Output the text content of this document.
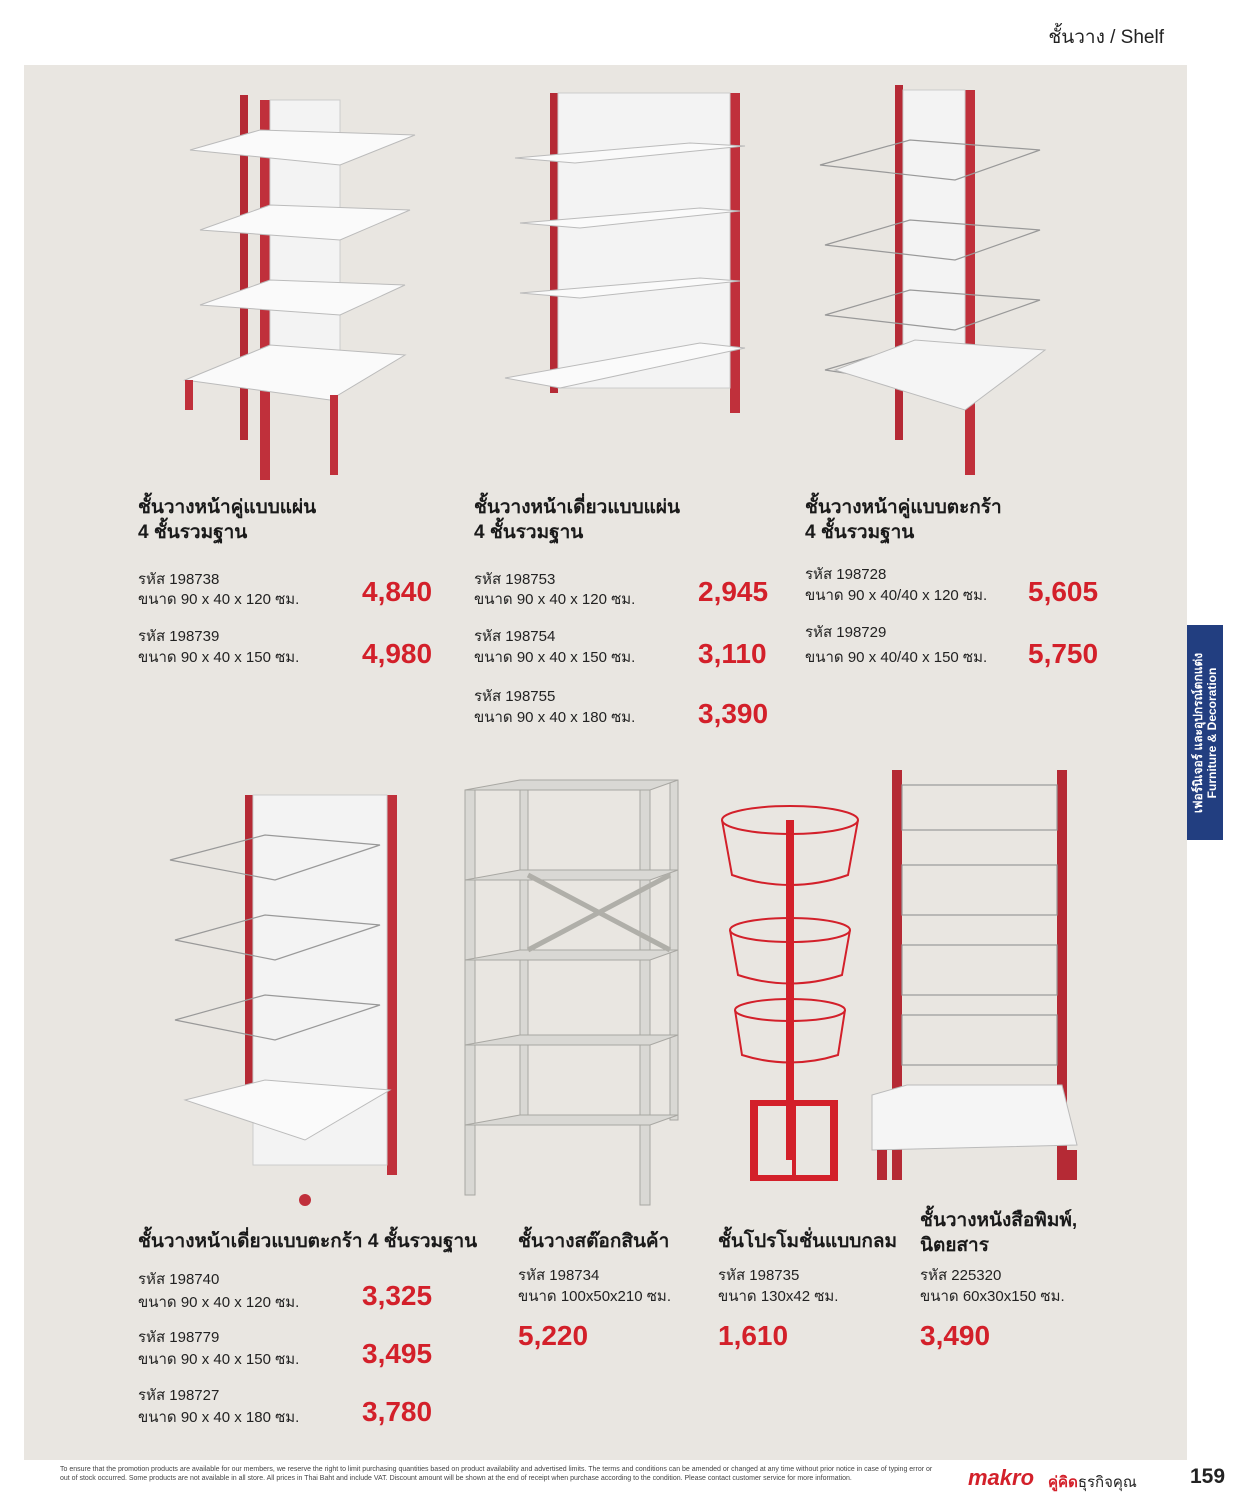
ชั้นวาง / Shelf
เฟอร์นิเจอร์ และอุปกรณ์ตกแต่ง Furniture & Decoration
ชั้นวางหน้าคู่แบบแผ่น
4 ชั้นรวมฐาน
รหัส 198738
ขนาด 90 x 40 x 120 ซม. 4,840
รหัส 198739
ขนาด 90 x 40 x 150 ซม. 4,980
ชั้นวางหน้าเดี่ยวแบบแผ่น
4 ชั้นรวมฐาน
รหัส 198753
ขนาด 90 x 40 x 120 ซม. 2,945
รหัส 198754
ขนาด 90 x 40 x 150 ซม. 3,110
รหัส 198755
ขนาด 90 x 40 x 180 ซม. 3,390
ชั้นวางหน้าคู่แบบตะกร้า
4 ชั้นรวมฐาน
รหัส 198728
ขนาด 90 x 40/40 x 120 ซม. 5,605
รหัส 198729
ขนาด 90 x 40/40 x 150 ซม. 5,750
ชั้นวางหน้าเดี่ยวแบบตะกร้า 4 ชั้นรวมฐาน
รหัส 198740
ขนาด 90 x 40 x 120 ซม. 3,325
รหัส 198779
ขนาด 90 x 40 x 150 ซม. 3,495
รหัส 198727
ขนาด 90 x 40 x 180 ซม. 3,780
ชั้นวางสต๊อกสินค้า
รหัส 198734
ขนาด 100x50x210 ซม.
5,220
ชั้นโปรโมชั่นแบบกลม
รหัส 198735
ขนาด 130x42 ซม.
1,610
ชั้นวางหนังสือพิมพ์,
นิตยสาร
รหัส 225320
ขนาด 60x30x150 ซม.
3,490
To ensure that the promotion products are available for our members, we reserve the right to limit purchasing quantities based on product availability and advertised limits. The terms and conditions can be amended or changed at any time without prior notice in case of typing error or out of stock occurred. Some products are not available in all store. All prices in Thai Baht and include VAT. Discount amount will be shown at the end of receipt when purchase according to the condition. Please contact customer service for more information.	makro คู่คิดธุรกิจคุณ	159
